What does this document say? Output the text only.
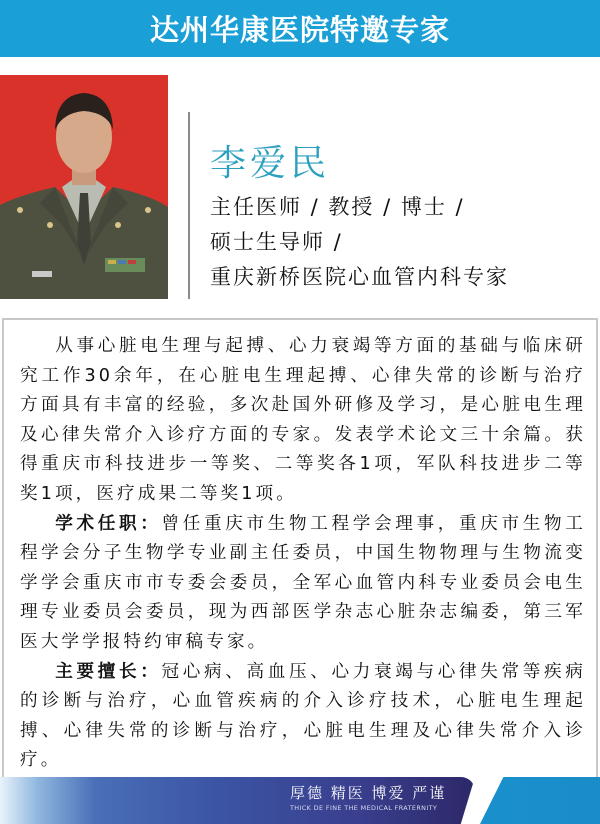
达州华康医院特邀专家
李爱民
主任医师 / 教授 / 博士 /
硕士生导师 /
重庆新桥医院心血管内科专家

从事心脏电生理与起搏、心力衰竭等方面的基础与临床研究工作30余年，在心脏电生理起搏、心律失常的诊断与治疗方面具有丰富的经验，多次赴国外研修及学习，是心脏电生理及心律失常介入诊疗方面的专家。发表学术论文三十余篇。获得重庆市科技进步一等奖、二等奖各1项，军队科技进步二等奖1项，医疗成果二等奖1项。

学术任职：曾任重庆市生物工程学会理事，重庆市生物工程学会分子生物学专业副主任委员，中国生物物理与生物流变学学会重庆市市专委会委员，全军心血管内科专业委员会电生理专业委员会委员，现为西部医学杂志心脏杂志编委，第三军医大学学报特约审稿专家。

主要擅长：冠心病、高血压、心力衰竭与心律失常等疾病的诊断与治疗，心血管疾病的介入诊疗技术，心脏电生理起搏、心律失常的诊断与治疗，心脏电生理及心律失常介入诊疗。

厚德 精医 博爱 严谨
THICK DE FINE THE MEDICAL FRATERNITY
